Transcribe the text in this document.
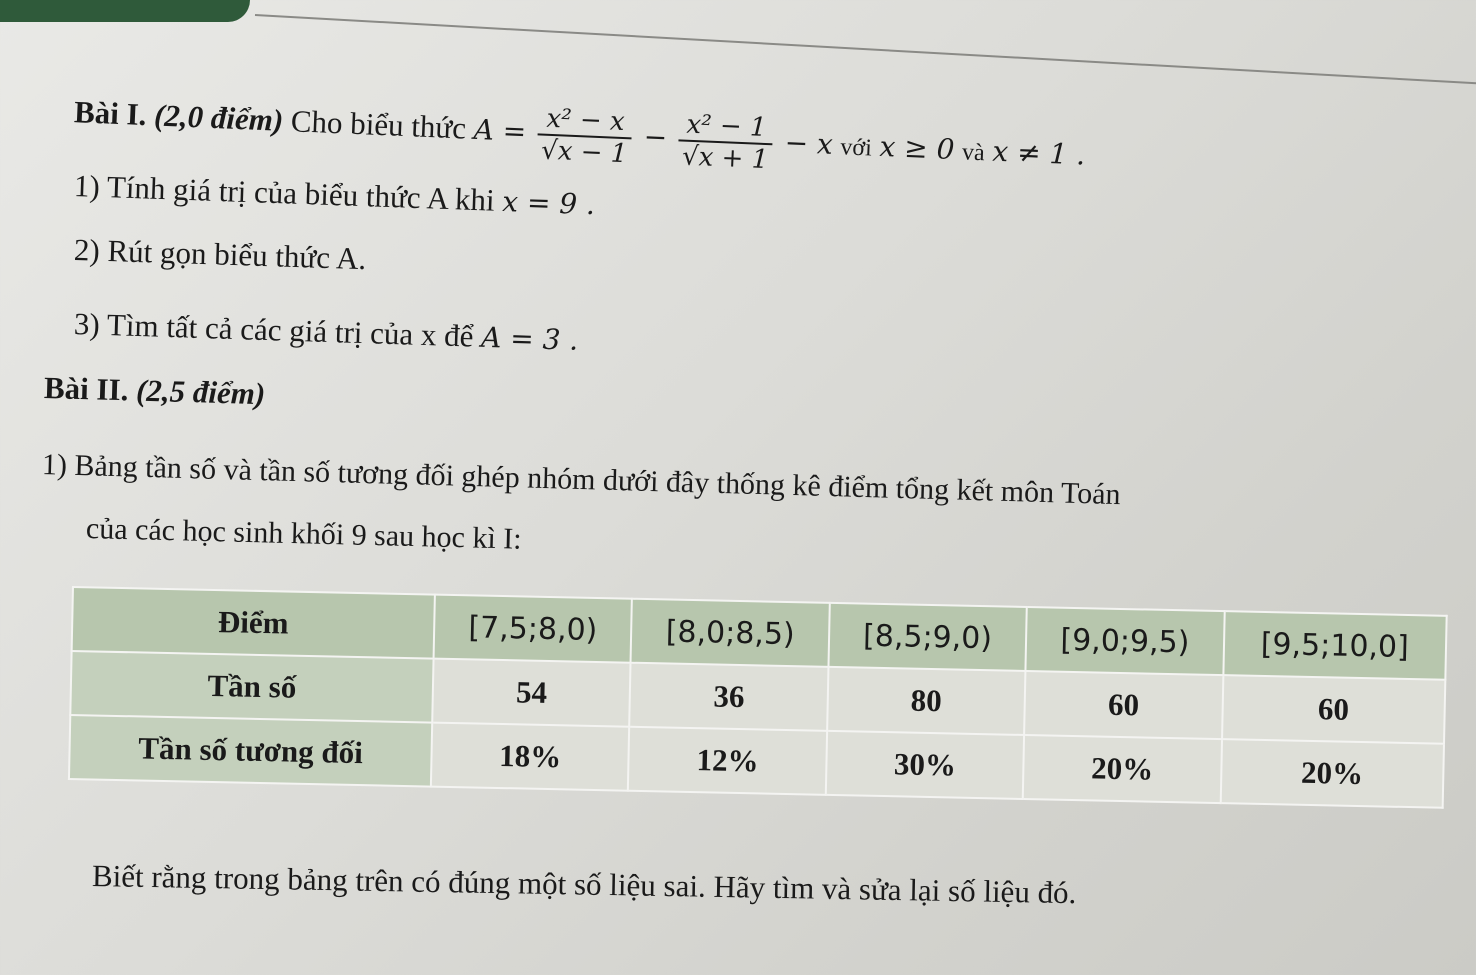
Bài I. (2,0 điểm) Cho biểu thức $A = \frac{\text{x² − x}}{√x - 1} - \frac{\text{x² − 1}}{√x + 1} - x$ với x ≥ 0 và x ≠ 1 .
1) Tính giá trị của biểu thức A khi x = 9 .
2) Rút gọn biểu thức A.
3) Tìm tất cả các giá trị của x để A = 3 .
Bài II. (2,5 điểm)
1) Bảng tần số và tần số tương đối ghép nhóm dưới đây thống kê điểm tổng kết môn Toán
của các học sinh khối 9 sau học kì I:
Điểm	[7,5;8,0)	[8,0;8,5)	[8,5;9,0)	[9,0;9,5)	[9,5;10,0]
Tần số	54	36	80	60	60
Tần số tương đối	18%	12%	30%	20%	20%
Biết rằng trong bảng trên có đúng một số liệu sai. Hãy tìm và sửa lại số liệu đó.
